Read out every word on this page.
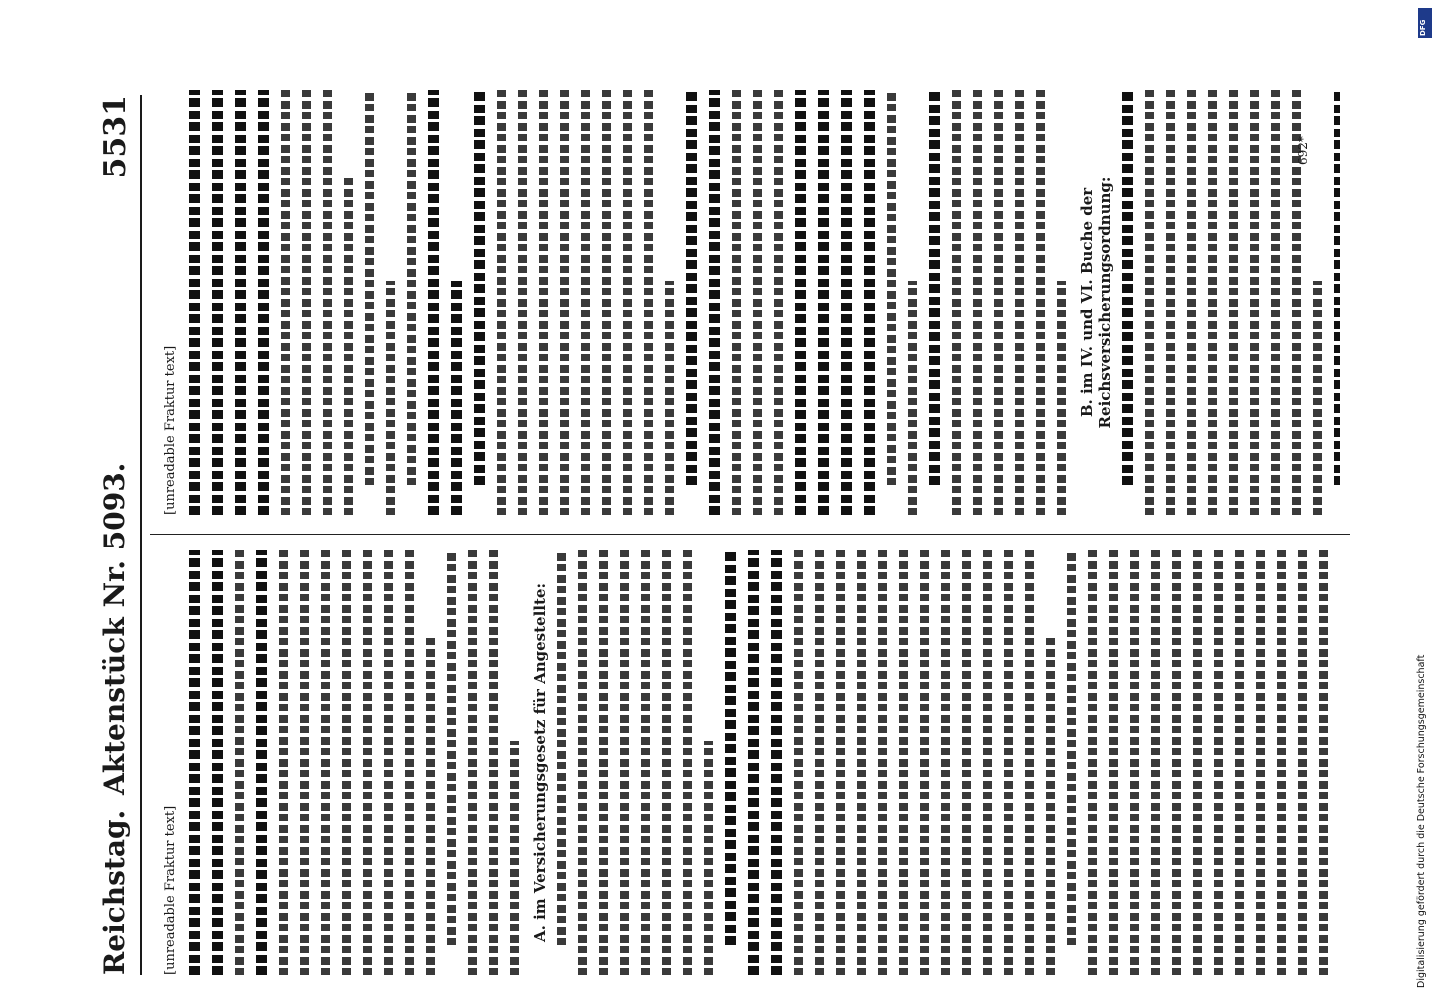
Reichstag.
Aktenstück Nr. 5093.
5531

[unreadable Fraktur text]	A. im Versicherungsgesetz für Angestellte:

[unreadable Fraktur text]

B. im IV. und VI. Buche der Reichsversicherungsordnung:
692*
Digitalisierung gefördert durch die Deutsche Forschungsgemeinschaft
DFG
